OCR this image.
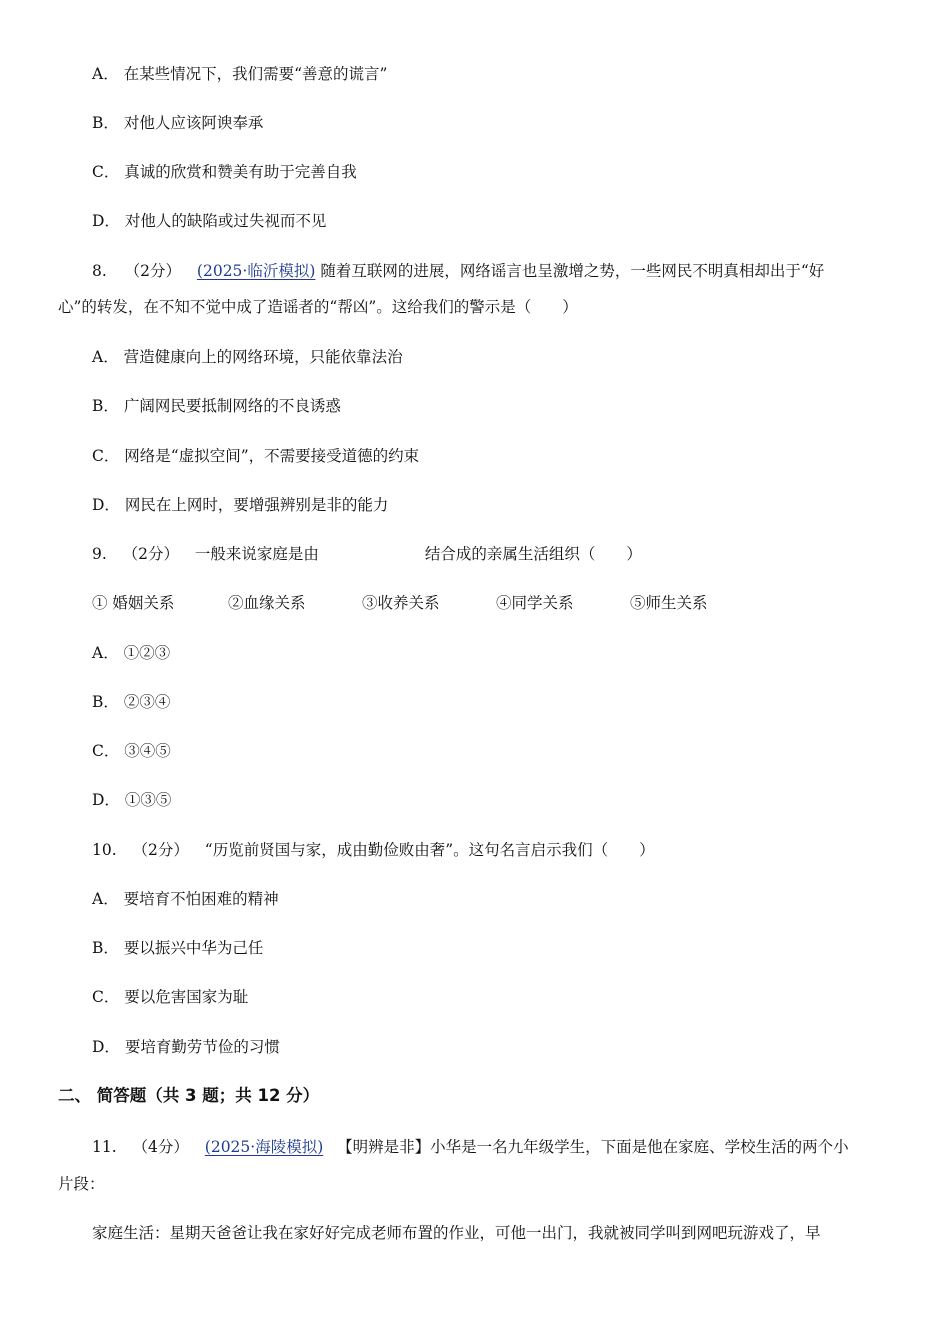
A． 在某些情况下，我们需要“善意的谎言”
B． 对他人应该阿谀奉承
C． 真诚的欣赏和赞美有助于完善自我
D． 对他人的缺陷或过失视而不见
8. （2分） (2025·临沂模拟) 随着互联网的进展，网络谣言也呈激增之势，一些网民不明真相却出于“好
心”的转发，在不知不觉中成了造谣者的“帮凶”。这给我们的警示是（　　）
A． 营造健康向上的网络环境，只能依靠法治
B． 广阔网民要抵制网络的不良诱惑
C． 网络是“虚拟空间”，不需要接受道德的约束
D． 网民在上网时，要增强辨别是非的能力
9. （2分） 一般来说家庭是由	结合成的亲属生活组织（　　）
① 婚姻关系	②血缘关系	③收养关系	④同学关系	⑤师生关系
A． ①②③
B． ②③④
C． ③④⑤
D． ①③⑤
10. （2分） “历览前贤国与家，成由勤俭败由奢”。这句名言启示我们（　　）
A． 要培育不怕困难的精神
B． 要以振兴中华为己任
C． 要以危害国家为耻
D． 要培育勤劳节俭的习惯
二、 简答题（共 3 题；共 12 分）
11. （4分） (2025·海陵模拟) 【明辨是非】小华是一名九年级学生，下面是他在家庭、学校生活的两个小
片段：
家庭生活：星期天爸爸让我在家好好完成老师布置的作业，可他一出门，我就被同学叫到网吧玩游戏了，早
